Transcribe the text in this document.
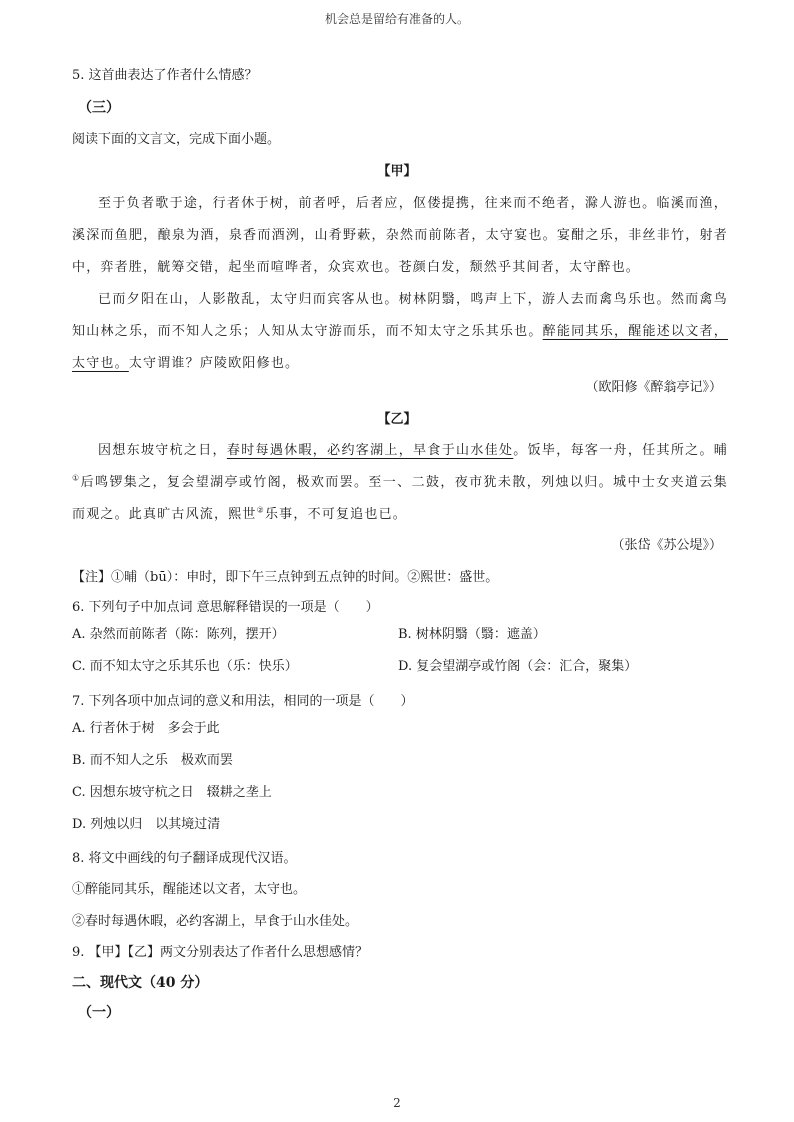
机会总是留给有准备的人。
5. 这首曲表达了作者什么情感？
（三）
阅读下面的文言文，完成下面小题。
【甲】

至于负者歌于途，行者休于树，前者呼，后者应，伛偻提携，往来而不绝者，滁人游也。临溪而渔，溪深而鱼肥，酿泉为酒，泉香而酒洌，山肴野蔌，杂然而前陈者，太守宴也。宴酣之乐，非丝非竹，射者中，弈者胜，觥筹交错，起坐而喧哗者，众宾欢也。苍颜白发，颓然乎其间者，太守醉也。

已而夕阳在山，人影散乱，太守归而宾客从也。树林阴翳，鸣声上下，游人去而禽鸟乐也。然而禽鸟知山林之乐，而不知人之乐；人知从太守游而乐，而不知太守之乐其乐也。醉能同其乐，醒能述以文者，太守也。太守谓谁？庐陵欧阳修也。

（欧阳修《醉翁亭记》）
【乙】

因想东坡守杭之日，春时每遇休暇，必约客湖上，早食于山水佳处。饭毕，每客一舟，任其所之。晡①后鸣锣集之，复会望湖亭或竹阁，极欢而罢。至一、二鼓，夜市犹未散，列烛以归。城中士女夹道云集而观之。此真旷古风流，熙世②乐事，不可复追也已。

（张岱《苏公堤》）
【注】①晡（bū）：申时，即下午三点钟到五点钟的时间。②熙世：盛世。
6. 下列句子中加点词 意思解释错误的一项是（　　）
A. 杂然而前陈者（陈：陈列，摆开）	B. 树林阴翳（翳：遮盖）
C. 而不知太守之乐其乐也（乐：快乐）	D. 复会望湖亭或竹阁（会：汇合，聚集）
7. 下列各项中加点词的意义和用法，相同的一项是（　　）
A. 行者休于树　多会于此
B. 而不知人之乐　极欢而罢
C. 因想东坡守杭之日　辍耕之垄上
D. 列烛以归　以其境过清
8. 将文中画线的句子翻译成现代汉语。
①醉能同其乐，醒能述以文者，太守也。
②春时每遇休暇，必约客湖上，早食于山水佳处。
9. 【甲】【乙】两文分别表达了作者什么思想感情？
二、现代文（40 分）
（一）
2
